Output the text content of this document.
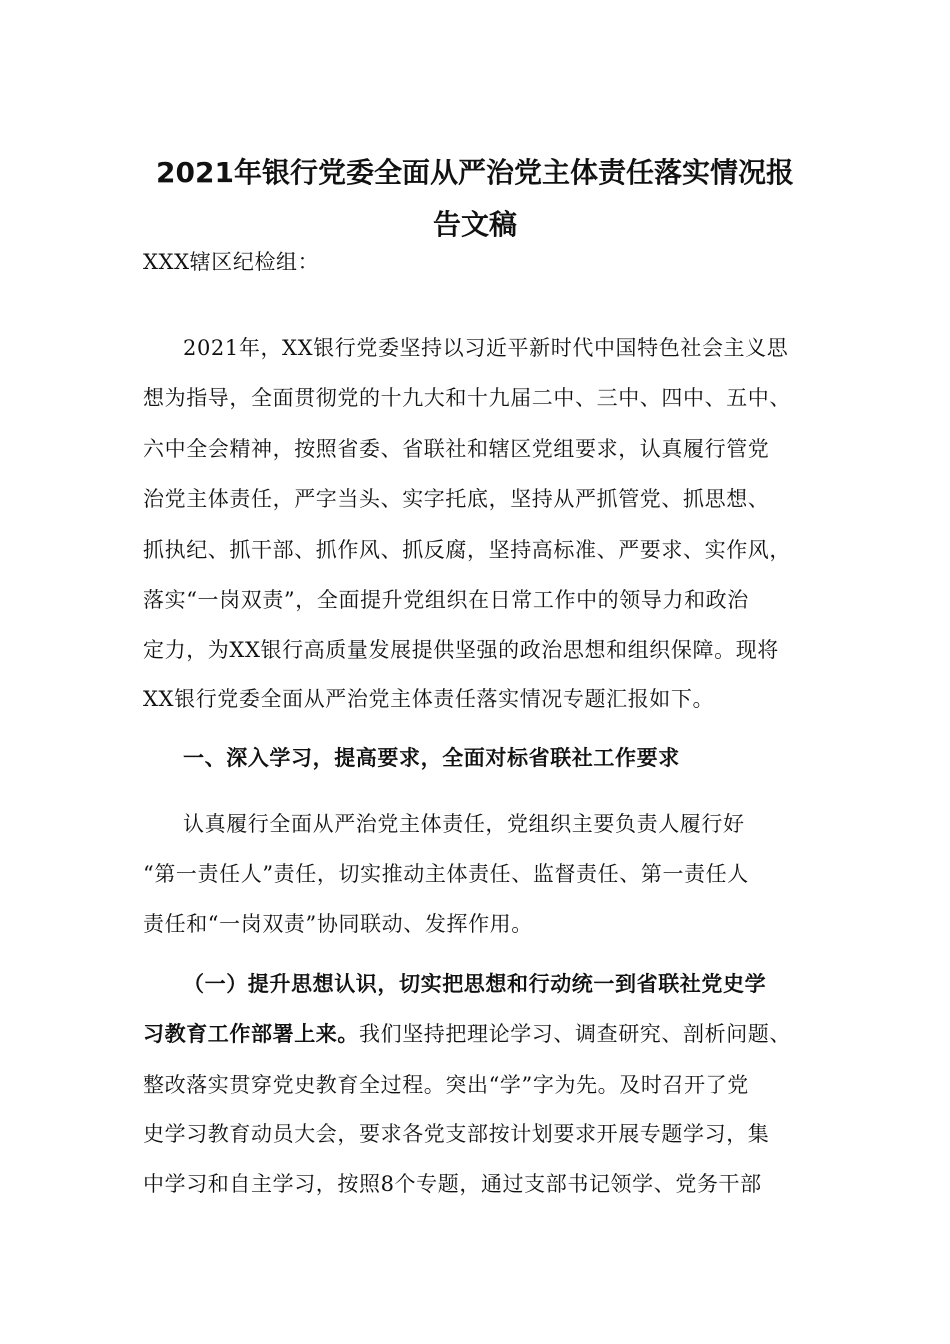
2021年银行党委全面从严治党主体责任落实情况报
告文稿
XXX辖区纪检组：
2021年，XX银行党委坚持以习近平新时代中国特色社会主义思
想为指导，全面贯彻党的十九大和十九届二中、三中、四中、五中、
六中全会精神，按照省委、省联社和辖区党组要求，认真履行管党
治党主体责任，严字当头、实字托底，坚持从严抓管党、抓思想、
抓执纪、抓干部、抓作风、抓反腐，坚持高标准、严要求、实作风，
落实“一岗双责”，全面提升党组织在日常工作中的领导力和政治
定力，为XX银行高质量发展提供坚强的政治思想和组织保障。现将
XX银行党委全面从严治党主体责任落实情况专题汇报如下。
一、深入学习，提高要求，全面对标省联社工作要求
认真履行全面从严治党主体责任，党组织主要负责人履行好
“第一责任人”责任，切实推动主体责任、监督责任、第一责任人
责任和“一岗双责”协同联动、发挥作用。
（一）提升思想认识，切实把思想和行动统一到省联社党史学
习教育工作部署上来。我们坚持把理论学习、调查研究、剖析问题、
整改落实贯穿党史教育全过程。突出“学”字为先。及时召开了党
史学习教育动员大会，要求各党支部按计划要求开展专题学习，集
中学习和自主学习，按照8个专题，通过支部书记领学、党务干部
